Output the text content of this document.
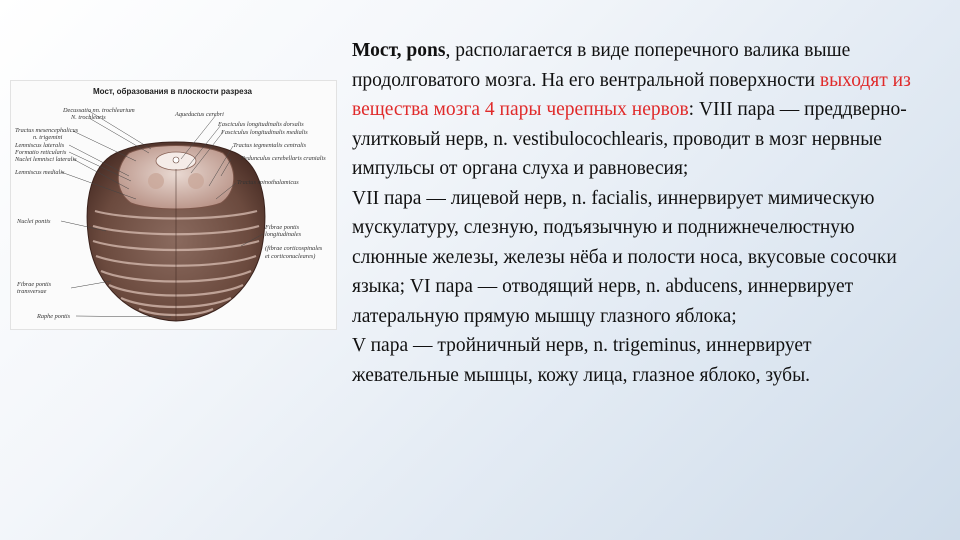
Мост, образования в плоскости разреза
Decussatio nn. trochlearium
N. trochlearis
Tractus mesencephalicus
n. trigemini
Lemniscus lateralis
Formatio reticularis
Nuclei lemnisci lateralis
Lemniscus medialis
Nuclei pontis
Fibrae pontis transversae
Raphe pontis
Aqueductus cerebri
Fasciculus longitudinalis dorsalis
Fasciculus longitudinalis medialis
Tractus tegmentalis centralis
Pedunculus cerebellaris cranialis
Tractus spinothalamicus
Fibrae pontis longitudinales
(fibrae corticospinales
et corticonucleares)

Мост, pons, располагается в виде поперечного валика выше продолговатого мозга. На его вентральной поверхности выходят из вещества мозга 4 пары черепных нервов: VIII пара — преддверно-улитковый нерв, n. vestibulocochlearis, проводит в мозг нервные импульсы от органа слуха и равновесия;

VII пара — лицевой нерв, n. facialis, иннервирует мимическую мускулатуру, слезную, подъязычную и поднижнечелюстную слюнные железы, железы нёба и полости носа, вкусовые сосочки языка; VI пара — отводящий нерв, n. abducens, иннервирует латеральную прямую мышцу глазного яблока;

V пара — тройничный нерв, n. trigeminus, иннервирует жевательные мышцы, кожу лица, глазное яблоко, зубы.
